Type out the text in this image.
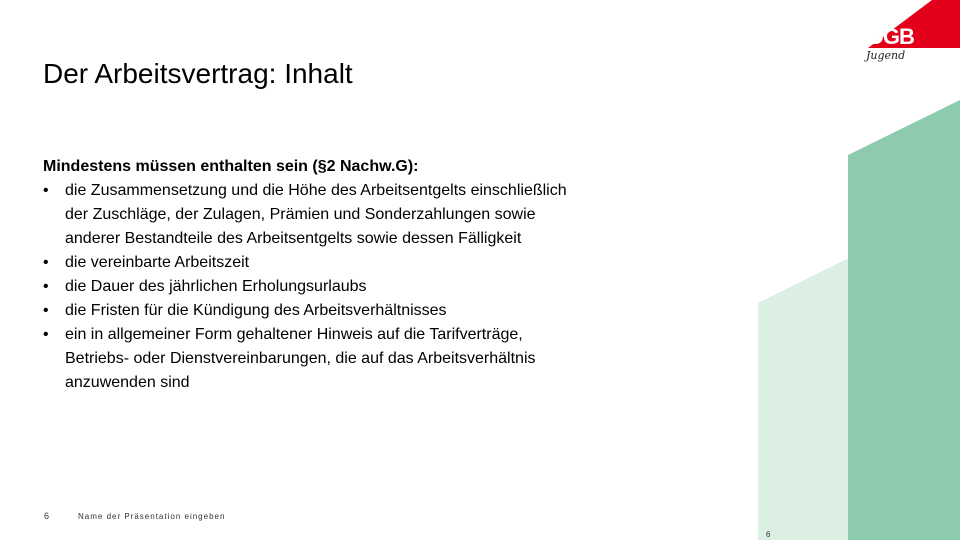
DGB
Jugend
Der Arbeitsvertrag: Inhalt
Mindestens müssen enthalten sein (§2 Nachw.G):
• die Zusammensetzung und die Höhe des Arbeitsentgelts einschließlich
der Zuschläge, der Zulagen, Prämien und Sonderzahlungen sowie
anderer Bestandteile des Arbeitsentgelts sowie dessen Fälligkeit
• die vereinbarte Arbeitszeit
• die Dauer des jährlichen Erholungsurlaubs
• die Fristen für die Kündigung des Arbeitsverhältnisses
• ein in allgemeiner Form gehaltener Hinweis auf die Tarifverträge,
Betriebs- oder Dienstvereinbarungen, die auf das Arbeitsverhältnis
anzuwenden sind
6	Name der Präsentation eingeben
6
